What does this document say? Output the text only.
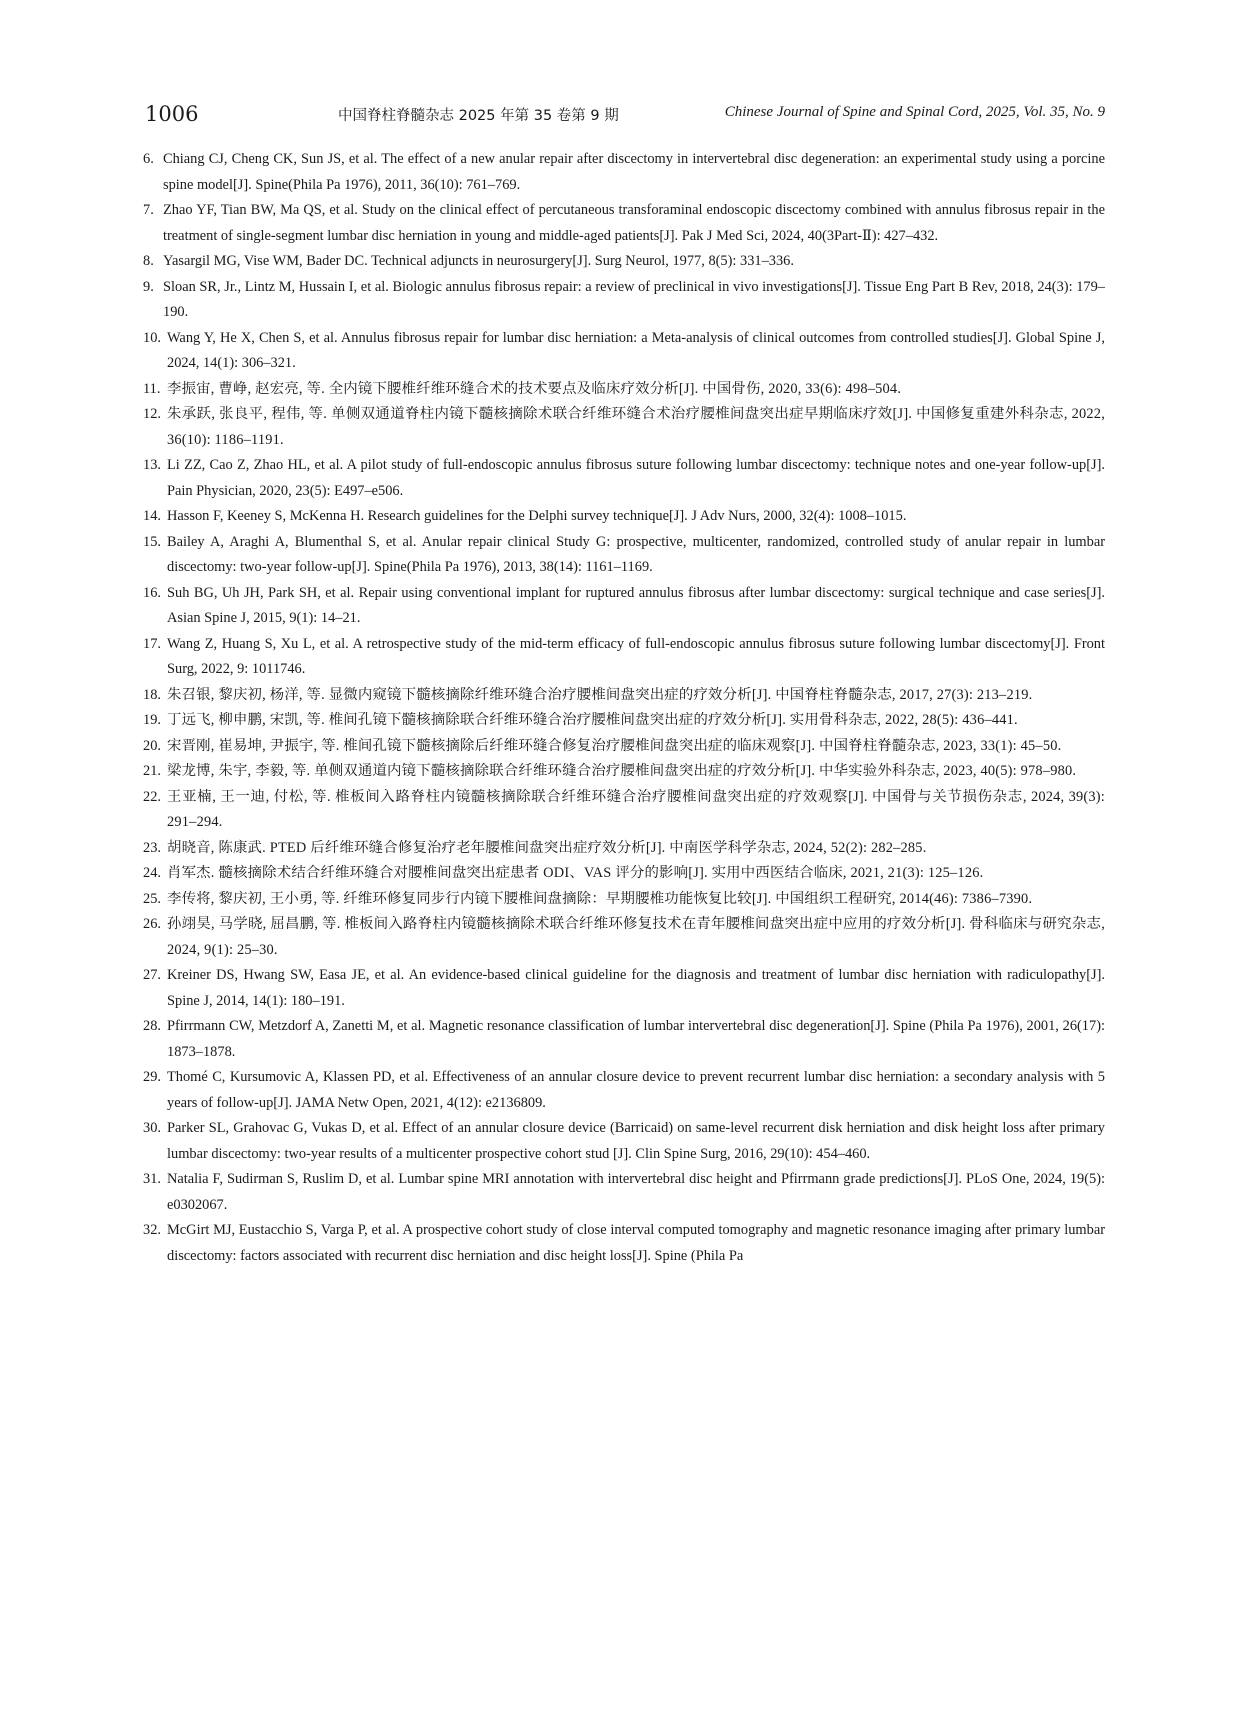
1006	中国脊柱脊髓杂志 2025 年第 35 卷第 9 期	Chinese Journal of Spine and Spinal Cord, 2025, Vol. 35, No. 9
6. Chiang CJ, Cheng CK, Sun JS, et al. The effect of a new anular repair after discectomy in intervertebral disc degeneration: an experimental study using a porcine spine model[J]. Spine(Phila Pa 1976), 2011, 36(10): 761–769.
7. Zhao YF, Tian BW, Ma QS, et al. Study on the clinical effect of percutaneous transforaminal endoscopic discectomy combined with annulus fibrosus repair in the treatment of single-segment lumbar disc herniation in young and middle-aged patients[J]. Pak J Med Sci, 2024, 40(3Part-Ⅱ): 427–432.
8. Yasargil MG, Vise WM, Bader DC. Technical adjuncts in neurosurgery[J]. Surg Neurol, 1977, 8(5): 331–336.
9. Sloan SR, Jr., Lintz M, Hussain I, et al. Biologic annulus fibrosus repair: a review of preclinical in vivo investigations[J]. Tissue Eng Part B Rev, 2018, 24(3): 179–190.
10. Wang Y, He X, Chen S, et al. Annulus fibrosus repair for lumbar disc herniation: a Meta-analysis of clinical outcomes from controlled studies[J]. Global Spine J, 2024, 14(1): 306–321.
11. 李振宙, 曹峥, 赵宏亮, 等. 全内镜下腰椎纤维环缝合术的技术要点及临床疗效分析[J]. 中国骨伤, 2020, 33(6): 498–504.
12. 朱承跃, 张良平, 程伟, 等. 单侧双通道脊柱内镜下髓核摘除术联合纤维环缝合术治疗腰椎间盘突出症早期临床疗效[J]. 中国修复重建外科杂志, 2022, 36(10): 1186–1191.
13. Li ZZ, Cao Z, Zhao HL, et al. A pilot study of full-endoscopic annulus fibrosus suture following lumbar discectomy: technique notes and one-year follow-up[J]. Pain Physician, 2020, 23(5): E497–e506.
14. Hasson F, Keeney S, McKenna H. Research guidelines for the Delphi survey technique[J]. J Adv Nurs, 2000, 32(4): 1008–1015.
15. Bailey A, Araghi A, Blumenthal S, et al. Anular repair clinical Study G: prospective, multicenter, randomized, controlled study of anular repair in lumbar discectomy: two-year follow-up[J]. Spine(Phila Pa 1976), 2013, 38(14): 1161–1169.
16. Suh BG, Uh JH, Park SH, et al. Repair using conventional implant for ruptured annulus fibrosus after lumbar discectomy: surgical technique and case series[J]. Asian Spine J, 2015, 9(1): 14–21.
17. Wang Z, Huang S, Xu L, et al. A retrospective study of the mid-term efficacy of full-endoscopic annulus fibrosus suture following lumbar discectomy[J]. Front Surg, 2022, 9: 1011746.
18. 朱召银, 黎庆初, 杨洋, 等. 显微内窥镜下髓核摘除纤维环缝合治疗腰椎间盘突出症的疗效分析[J]. 中国脊柱脊髓杂志, 2017, 27(3): 213–219.
19. 丁远飞, 柳申鹏, 宋凯, 等. 椎间孔镜下髓核摘除联合纤维环缝合治疗腰椎间盘突出症的疗效分析[J]. 实用骨科杂志, 2022, 28(5): 436–441.
20. 宋晋刚, 崔易坤, 尹振宇, 等. 椎间孔镜下髓核摘除后纤维环缝合修复治疗腰椎间盘突出症的临床观察[J]. 中国脊柱脊髓杂志, 2023, 33(1): 45–50.
21. 梁龙博, 朱宇, 李毅, 等. 单侧双通道内镜下髓核摘除联合纤维环缝合治疗腰椎间盘突出症的疗效分析[J]. 中华实验外科杂志, 2023, 40(5): 978–980.
22. 王亚楠, 王一迪, 付松, 等. 椎板间入路脊柱内镜髓核摘除联合纤维环缝合治疗腰椎间盘突出症的疗效观察[J]. 中国骨与关节损伤杂志, 2024, 39(3): 291–294.
23. 胡晓音, 陈康武. PTED 后纤维环缝合修复治疗老年腰椎间盘突出症疗效分析[J]. 中南医学科学杂志, 2024, 52(2): 282–285.
24. 肖军杰. 髓核摘除术结合纤维环缝合对腰椎间盘突出症患者 ODI、VAS 评分的影响[J]. 实用中西医结合临床, 2021, 21(3): 125–126.
25. 李传将, 黎庆初, 王小勇, 等. 纤维环修复同步行内镜下腰椎间盘摘除：早期腰椎功能恢复比较[J]. 中国组织工程研究, 2014(46): 7386–7390.
26. 孙翊昊, 马学晓, 屈昌鹏, 等. 椎板间入路脊柱内镜髓核摘除术联合纤维环修复技术在青年腰椎间盘突出症中应用的疗效分析[J]. 骨科临床与研究杂志, 2024, 9(1): 25–30.
27. Kreiner DS, Hwang SW, Easa JE, et al. An evidence-based clinical guideline for the diagnosis and treatment of lumbar disc herniation with radiculopathy[J]. Spine J, 2014, 14(1): 180–191.
28. Pfirrmann CW, Metzdorf A, Zanetti M, et al. Magnetic resonance classification of lumbar intervertebral disc degeneration[J]. Spine (Phila Pa 1976), 2001, 26(17): 1873–1878.
29. Thomé C, Kursumovic A, Klassen PD, et al. Effectiveness of an annular closure device to prevent recurrent lumbar disc herniation: a secondary analysis with 5 years of follow-up[J]. JAMA Netw Open, 2021, 4(12): e2136809.
30. Parker SL, Grahovac G, Vukas D, et al. Effect of an annular closure device (Barricaid) on same-level recurrent disk herniation and disk height loss after primary lumbar discectomy: two-year results of a multicenter prospective cohort stud [J]. Clin Spine Surg, 2016, 29(10): 454–460.
31. Natalia F, Sudirman S, Ruslim D, et al. Lumbar spine MRI annotation with intervertebral disc height and Pfirrmann grade predictions[J]. PLoS One, 2024, 19(5): e0302067.
32. McGirt MJ, Eustacchio S, Varga P, et al. A prospective cohort study of close interval computed tomography and magnetic resonance imaging after primary lumbar discectomy: factors associated with recurrent disc herniation and disc height loss[J]. Spine (Phila Pa
